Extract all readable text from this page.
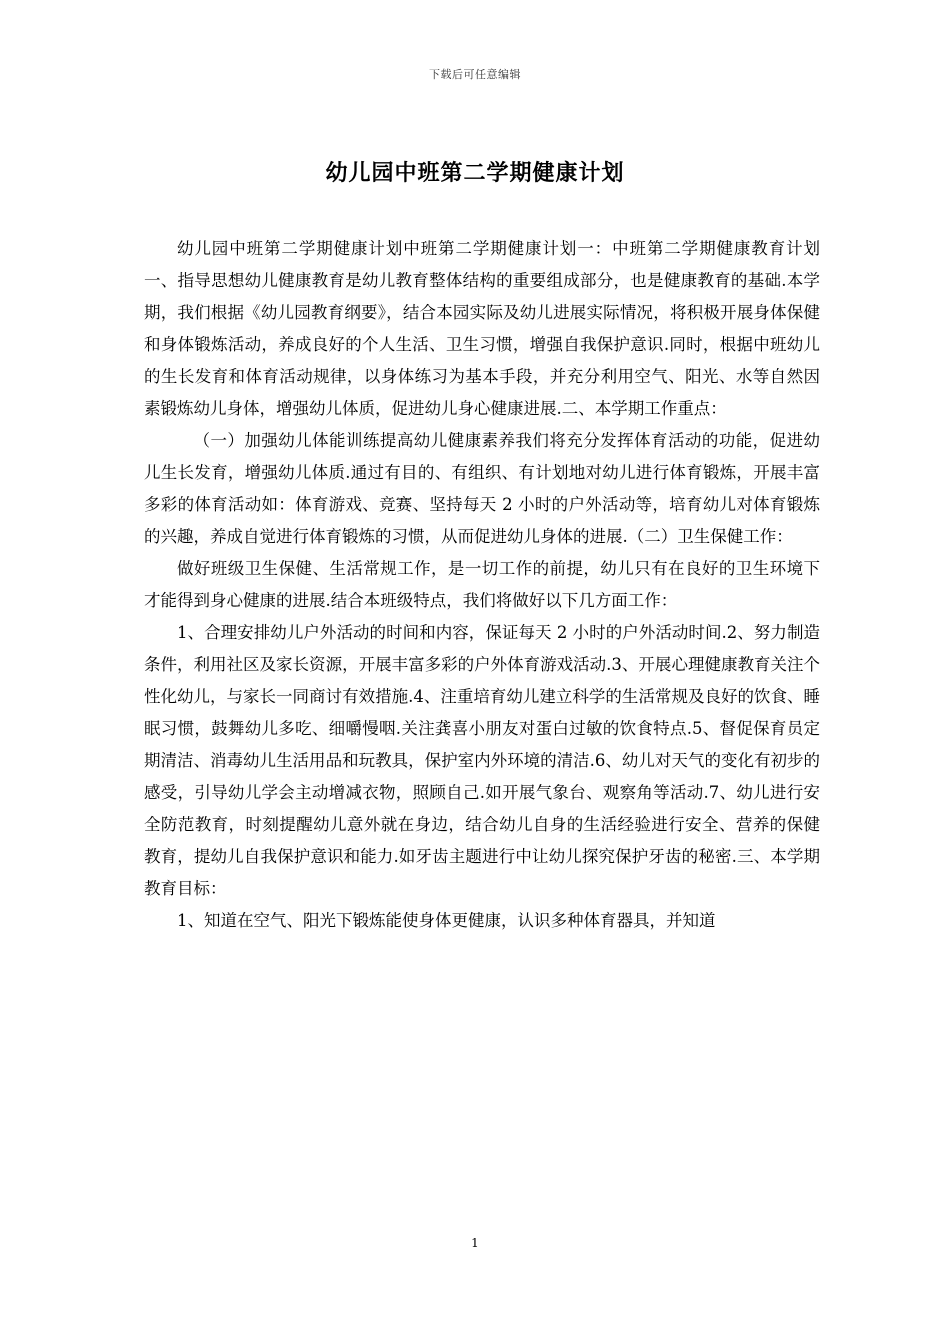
下载后可任意编辑
幼儿园中班第二学期健康计划

幼儿园中班第二学期健康计划中班第二学期健康计划一：中班第二学期健康教育计划一、指导思想幼儿健康教育是幼儿教育整体结构的重要组成部分，也是健康教育的基础.本学期，我们根据《幼儿园教育纲要》，结合本园实际及幼儿进展实际情况，将积极开展身体保健和身体锻炼活动，养成良好的个人生活、卫生习惯，增强自我保护意识.同时，根据中班幼儿的生长发育和体育活动规律，以身体练习为基本手段，并充分利用空气、阳光、水等自然因素锻炼幼儿身体，增强幼儿体质，促进幼儿身心健康进展.二、本学期工作重点：

（一）加强幼儿体能训练提高幼儿健康素养我们将充分发挥体育活动的功能，促进幼儿生长发育，增强幼儿体质.通过有目的、有组织、有计划地对幼儿进行体育锻炼，开展丰富多彩的体育活动如：体育游戏、竞赛、坚持每天 2 小时的户外活动等，培育幼儿对体育锻炼的兴趣，养成自觉进行体育锻炼的习惯，从而促进幼儿身体的进展.（二）卫生保健工作：

做好班级卫生保健、生活常规工作，是一切工作的前提，幼儿只有在良好的卫生环境下才能得到身心健康的进展.结合本班级特点，我们将做好以下几方面工作：

1、合理安排幼儿户外活动的时间和内容，保证每天 2 小时的户外活动时间.2、努力制造条件，利用社区及家长资源，开展丰富多彩的户外体育游戏活动.3、开展心理健康教育关注个性化幼儿，与家长一同商讨有效措施.4、注重培育幼儿建立科学的生活常规及良好的饮食、睡眠习惯，鼓舞幼儿多吃、细嚼慢咽.关注龚喜小朋友对蛋白过敏的饮食特点.5、督促保育员定期清洁、消毒幼儿生活用品和玩教具，保护室内外环境的清洁.6、幼儿对天气的变化有初步的感受，引导幼儿学会主动增减衣物，照顾自己.如开展气象台、观察角等活动.7、幼儿进行安全防范教育，时刻提醒幼儿意外就在身边，结合幼儿自身的生活经验进行安全、营养的保健教育，提幼儿自我保护意识和能力.如牙齿主题进行中让幼儿探究保护牙齿的秘密.三、本学期教育目标：

1、知道在空气、阳光下锻炼能使身体更健康，认识多种体育器具，并知道

1
